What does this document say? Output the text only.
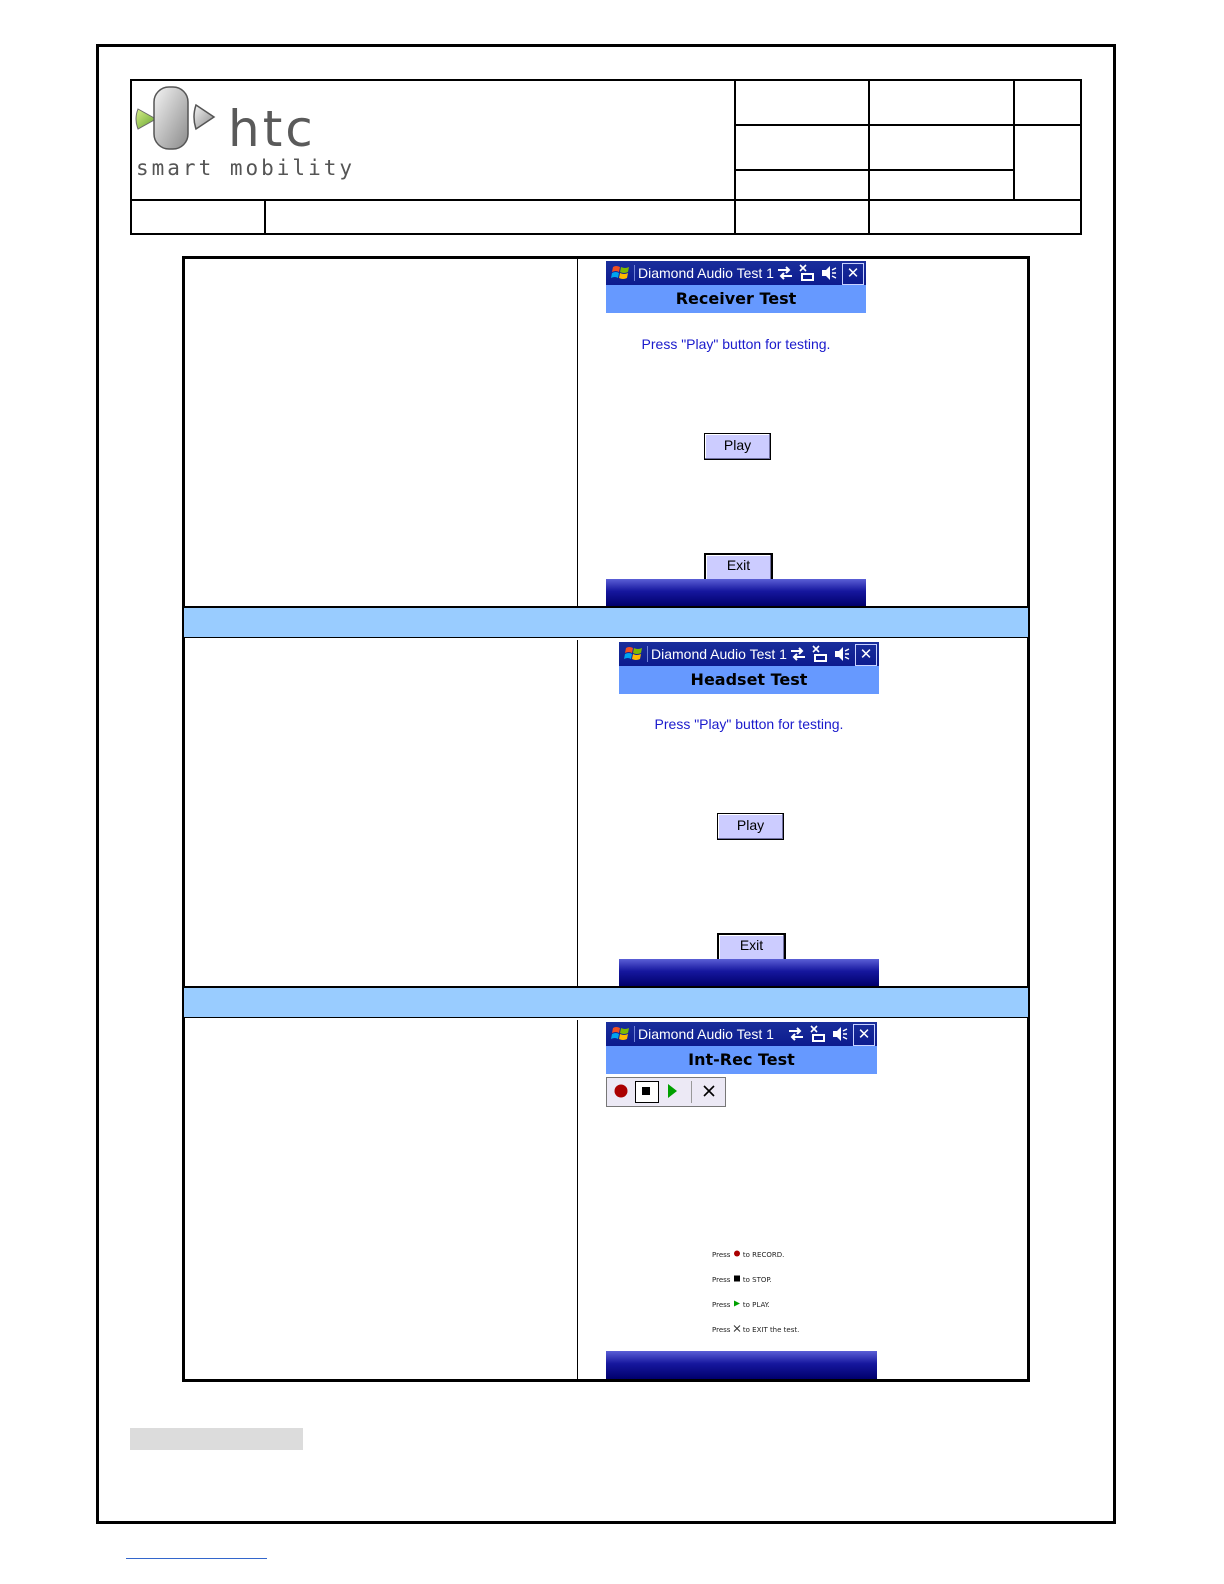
htc
smart mobility
Diamond Audio Test 1	✕
Receiver Test
Press "Play" button for testing.
Play
Exit
Diamond Audio Test 1	✕
Headset Test
Press "Play" button for testing.
Play
Exit
Diamond Audio Test 1	✕
Int-Rec Test
Press to RECORD.
Press to STOP.
Press to PLAY.
Press to EXIT the test.
